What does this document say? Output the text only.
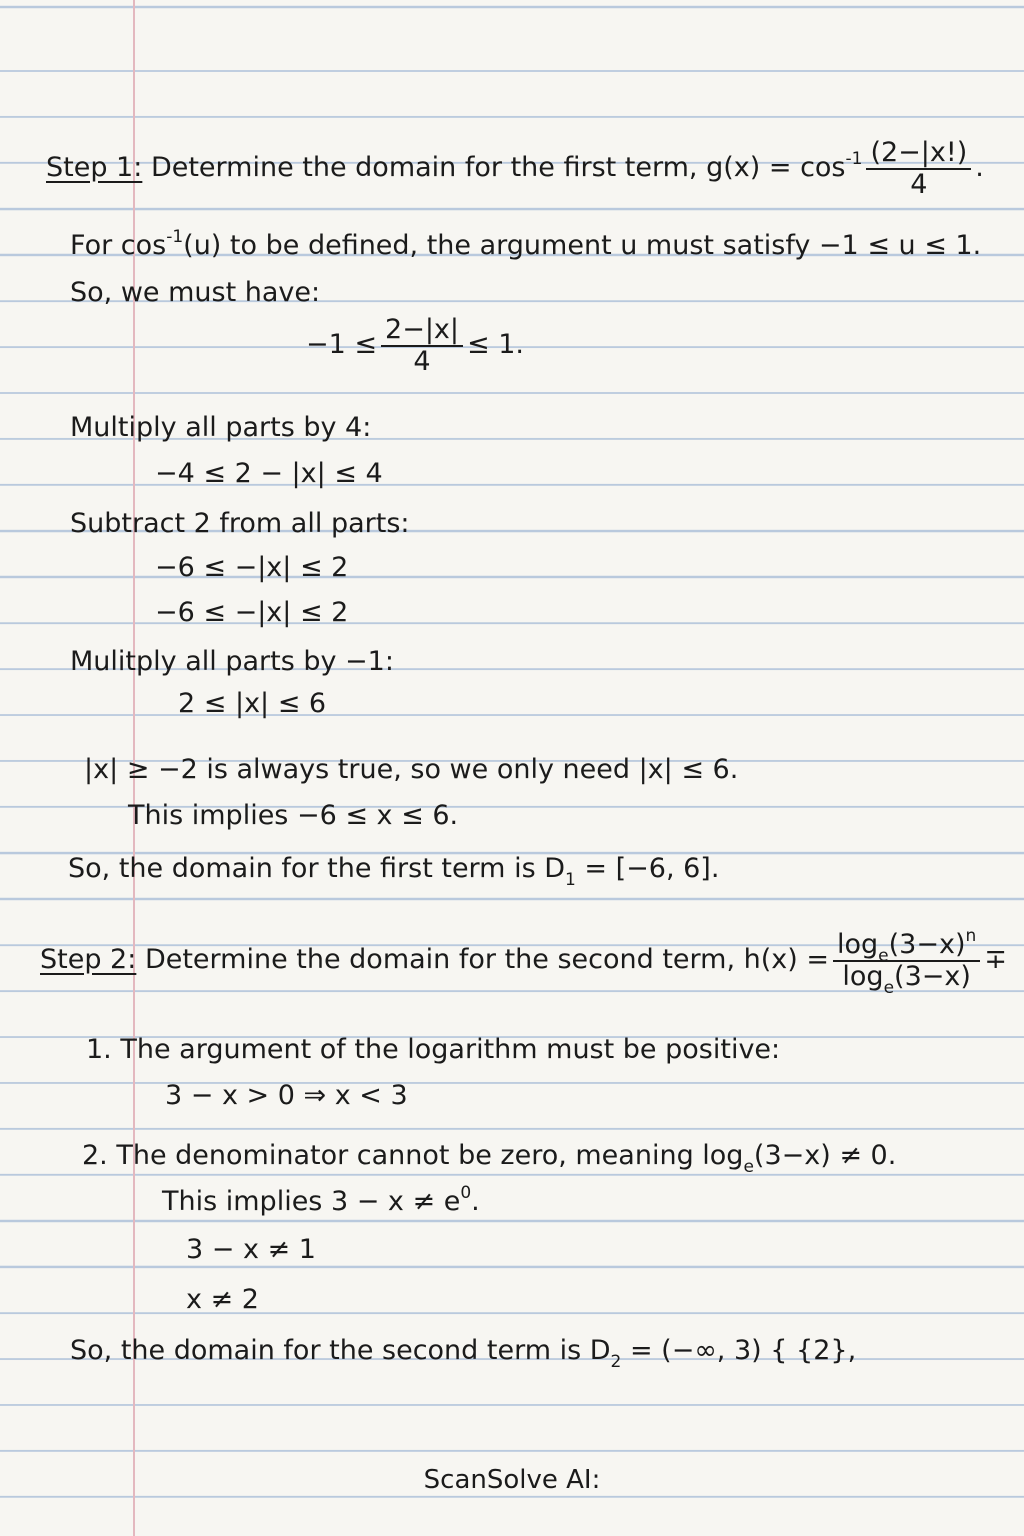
Step 1: Determine the domain for the first term, $g(x) = \cos^{-1} \frac{(2-|x!)}{4}$ .
For $\cos^{-1}(u)$ to be defined, the argument u must satisfy −1 ≤ u ≤ 1.
So, we must have:
$-1 \le \frac{2-|x|}{4} \le 1$.
Multiply all parts by 4:
−4 ≤ 2 − |x| ≤ 4
Subtract 2 from all parts:
−6 ≤ −|x| ≤ 2
−6 ≤ −|x| ≤ 2
Mulitply all parts by −1:
2 ≤ |x| ≤ 6
|x| ≥ −2 is always true, so we only need |x| ≤ 6.
This implies −6 ≤ x ≤ 6.
So, the domain for the first term is $D_1 = [-6$, 6].
Step 2: Determine the domain for the second term, $h(x) = \frac{\log_e(3-x)^n}{\log_e(3-x)}$ ∓
1. The argument of the logarithm must be positive:
3 − x > 0 ⇒ x < 3
2. The denominator cannot be zero, meaning $\log_e(3-x) \ne 0$.
This implies $3 - x \ne e^0$.
3 − x ≠ 1
x ≠ 2
So, the domain for the second term is $D_2$ = (−∞, 3) { {2},
ScanSolve AI:
